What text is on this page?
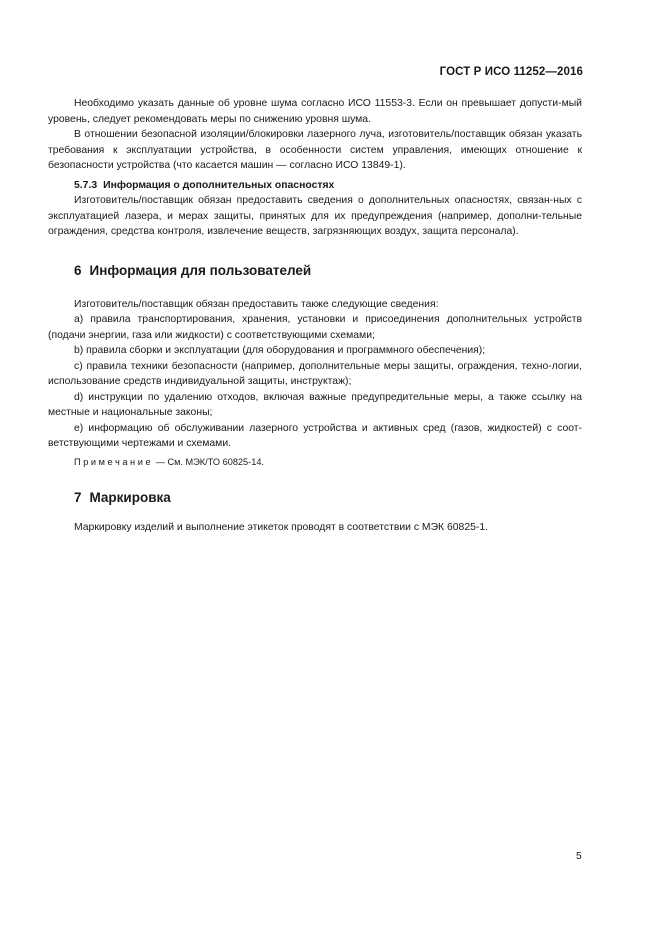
ГОСТ Р ИСО 11252—2016

Необходимо указать данные об уровне шума согласно ИСО 11553-3. Если он превышает допусти-мый уровень, следует рекомендовать меры по снижению уровня шума.

В отношении безопасной изоляции/блокировки лазерного луча, изготовитель/поставщик обязан указать требования к эксплуатации устройства, в особенности систем управления, имеющих отношение к безопасности устройства (что касается машин — согласно ИСО 13849-1).

5.7.3 Информация о дополнительных опасностях

Изготовитель/поставщик обязан предоставить сведения о дополнительных опасностях, связан-ных с эксплуатацией лазера, и мерах защиты, принятых для их предупреждения (например, дополни-тельные ограждения, средства контроля, извлечение веществ, загрязняющих воздух, защита персонала).

6 Информация для пользователей

Изготовитель/поставщик обязан предоставить также следующие сведения:

a) правила транспортирования, хранения, установки и присоединения дополнительных устройств (подачи энергии, газа или жидкости) с соответствующими схемами;

b) правила сборки и эксплуатации (для оборудования и программного обеспечения);

c) правила техники безопасности (например, дополнительные меры защиты, ограждения, техно-логии, использование средств индивидуальной защиты, инструктаж);

d) инструкции по удалению отходов, включая важные предупредительные меры, а также ссылку на местные и национальные законы;

e) информацию об обслуживании лазерного устройства и активных сред (газов, жидкостей) с соот-ветствующими чертежами и схемами.

Примечание — См. МЭК/ТО 60825-14.
7 Маркировка

Маркировку изделий и выполнение этикеток проводят в соответствии с МЭК 60825-1.

5
